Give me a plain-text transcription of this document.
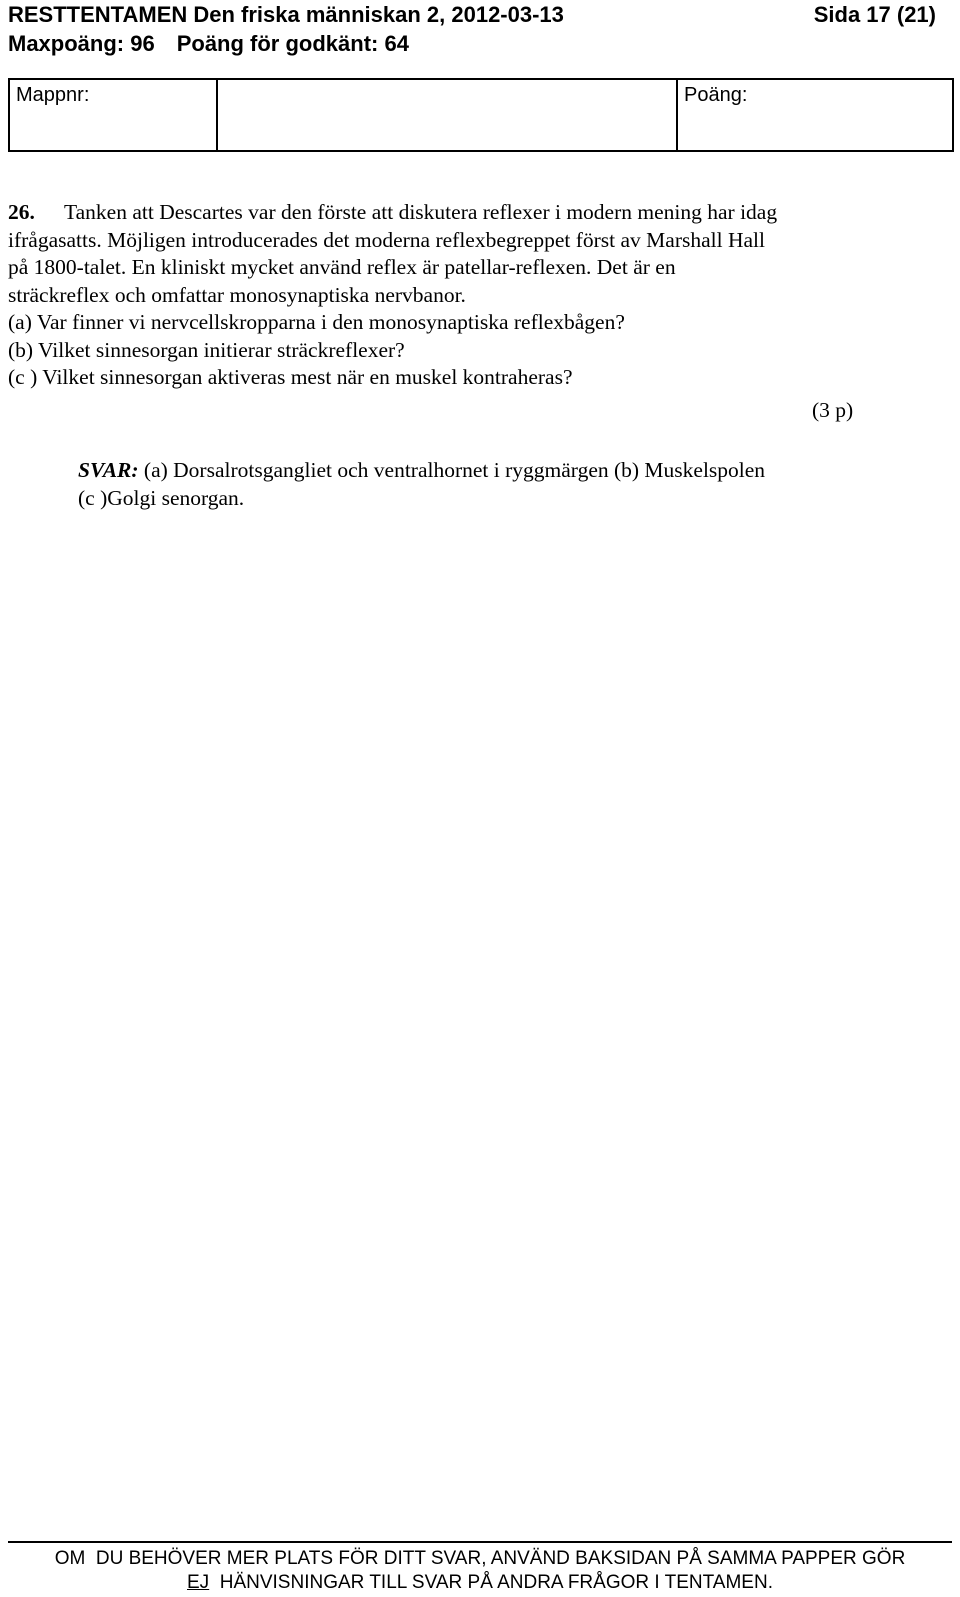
RESTTENTAMEN Den friska människan 2, 2012-03-13	Sida 17 (21)
Maxpoäng: 96 Poäng för godkänt: 64
Mappnr:	Poäng:
26.	Tanken att Descartes var den förste att diskutera reflexer i modern mening har idag
ifrågasatts. Möjligen introducerades det moderna reflexbegreppet först av Marshall Hall
på 1800-talet. En kliniskt mycket använd reflex är patellar-reflexen. Det är en
sträckreflex och omfattar monosynaptiska nervbanor.
(a) Var finner vi nervcellskropparna i den monosynaptiska reflexbågen?
(b) Vilket sinnesorgan initierar sträckreflexer?
(c ) Vilket sinnesorgan aktiveras mest när en muskel kontraheras?
(3 p)
SVAR: (a) Dorsalrotsgangliet och ventralhornet i ryggmärgen (b) Muskelspolen
(c )Golgi senorgan.
OM  DU BEHÖVER MER PLATS FÖR DITT SVAR, ANVÄND BAKSIDAN PÅ SAMMA PAPPER GÖR
EJ  HÄNVISNINGAR TILL SVAR PÅ ANDRA FRÅGOR I TENTAMEN.
